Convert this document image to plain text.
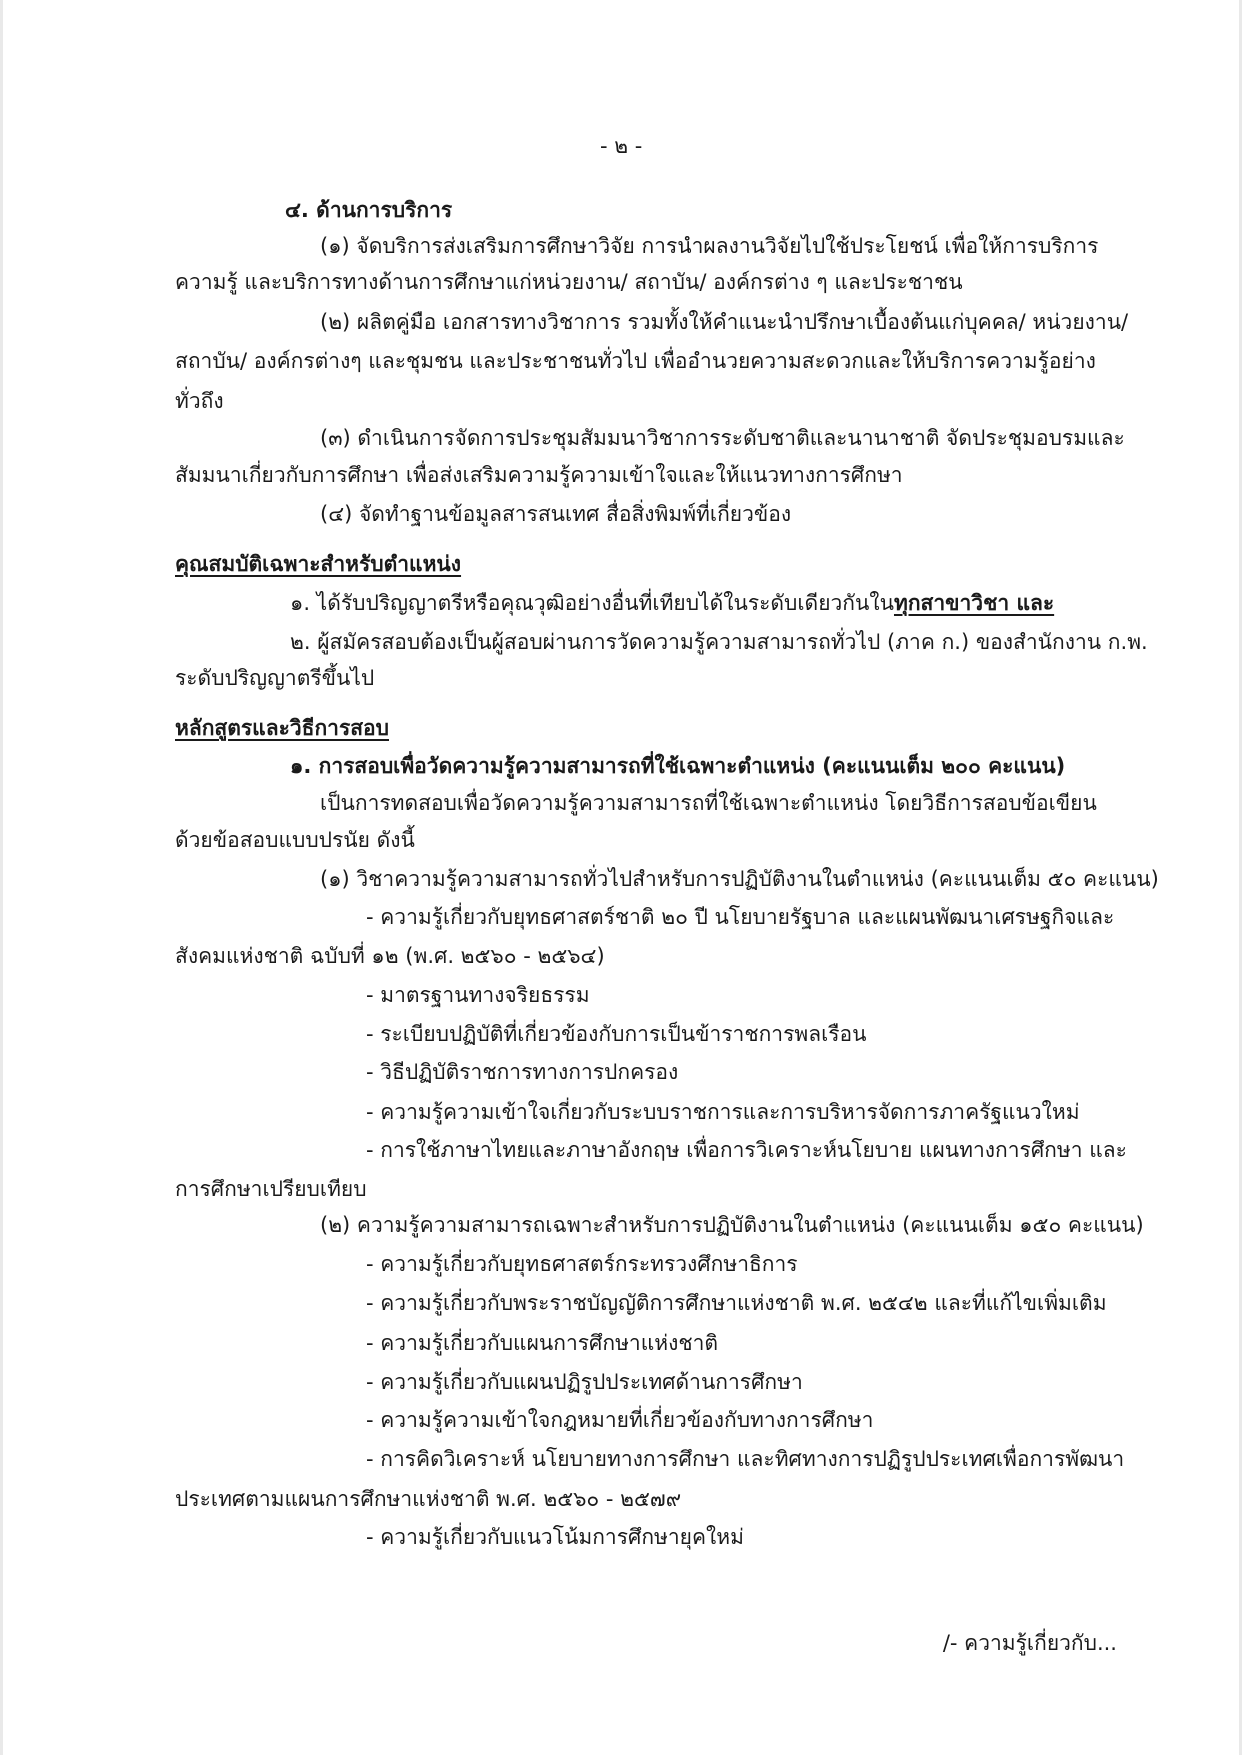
- ๒ -
๔. ด้านการบริการ
(๑) จัดบริการส่งเสริมการศึกษาวิจัย การนำผลงานวิจัยไปใช้ประโยชน์ เพื่อให้การบริการ
ความรู้ และบริการทางด้านการศึกษาแก่หน่วยงาน/ สถาบัน/ องค์กรต่าง ๆ และประชาชน
(๒) ผลิตคู่มือ เอกสารทางวิชาการ รวมทั้งให้คำแนะนำปรึกษาเบื้องต้นแก่บุคคล/ หน่วยงาน/
สถาบัน/ องค์กรต่างๆ และชุมชน และประชาชนทั่วไป เพื่ออำนวยความสะดวกและให้บริการความรู้อย่าง
ทั่วถึง
(๓) ดำเนินการจัดการประชุมสัมมนาวิชาการระดับชาติและนานาชาติ จัดประชุมอบรมและ
สัมมนาเกี่ยวกับการศึกษา เพื่อส่งเสริมความรู้ความเข้าใจและให้แนวทางการศึกษา
(๔) จัดทำฐานข้อมูลสารสนเทศ สื่อสิ่งพิมพ์ที่เกี่ยวข้อง
คุณสมบัติเฉพาะสำหรับตำแหน่ง
๑. ได้รับปริญญาตรีหรือคุณวุฒิอย่างอื่นที่เทียบได้ในระดับเดียวกันในทุกสาขาวิชา และ
๒. ผู้สมัครสอบต้องเป็นผู้สอบผ่านการวัดความรู้ความสามารถทั่วไป (ภาค ก.) ของสำนักงาน ก.พ.
ระดับปริญญาตรีขึ้นไป
หลักสูตรและวิธีการสอบ
๑. การสอบเพื่อวัดความรู้ความสามารถที่ใช้เฉพาะตำแหน่ง (คะแนนเต็ม ๒๐๐ คะแนน)
เป็นการทดสอบเพื่อวัดความรู้ความสามารถที่ใช้เฉพาะตำแหน่ง โดยวิธีการสอบข้อเขียน
ด้วยข้อสอบแบบปรนัย ดังนี้
(๑) วิชาความรู้ความสามารถทั่วไปสำหรับการปฏิบัติงานในตำแหน่ง (คะแนนเต็ม ๕๐ คะแนน)
- ความรู้เกี่ยวกับยุทธศาสตร์ชาติ ๒๐ ปี นโยบายรัฐบาล และแผนพัฒนาเศรษฐกิจและ
สังคมแห่งชาติ ฉบับที่ ๑๒ (พ.ศ. ๒๕๖๐ - ๒๕๖๔)
- มาตรฐานทางจริยธรรม
- ระเบียบปฏิบัติที่เกี่ยวข้องกับการเป็นข้าราชการพลเรือน
- วิธีปฏิบัติราชการทางการปกครอง
- ความรู้ความเข้าใจเกี่ยวกับระบบราชการและการบริหารจัดการภาครัฐแนวใหม่
- การใช้ภาษาไทยและภาษาอังกฤษ เพื่อการวิเคราะห์นโยบาย แผนทางการศึกษา และ
การศึกษาเปรียบเทียบ
(๒) ความรู้ความสามารถเฉพาะสำหรับการปฏิบัติงานในตำแหน่ง (คะแนนเต็ม ๑๕๐ คะแนน)
- ความรู้เกี่ยวกับยุทธศาสตร์กระทรวงศึกษาธิการ
- ความรู้เกี่ยวกับพระราชบัญญัติการศึกษาแห่งชาติ พ.ศ. ๒๕๔๒ และที่แก้ไขเพิ่มเติม
- ความรู้เกี่ยวกับแผนการศึกษาแห่งชาติ
- ความรู้เกี่ยวกับแผนปฏิรูปประเทศด้านการศึกษา
- ความรู้ความเข้าใจกฎหมายที่เกี่ยวข้องกับทางการศึกษา
- การคิดวิเคราะห์ นโยบายทางการศึกษา และทิศทางการปฏิรูปประเทศเพื่อการพัฒนา
ประเทศตามแผนการศึกษาแห่งชาติ พ.ศ. ๒๕๖๐ - ๒๕๗๙
- ความรู้เกี่ยวกับแนวโน้มการศึกษายุคใหม่
/- ความรู้เกี่ยวกับ...
